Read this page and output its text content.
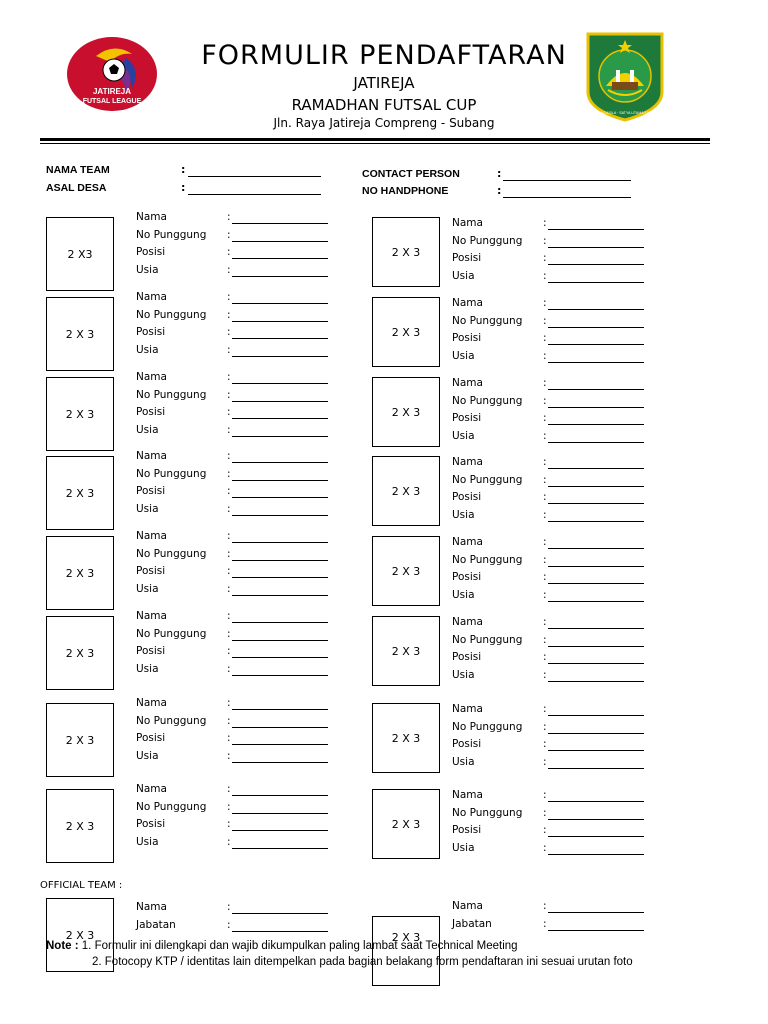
JATIREJA
FUTSAL LEAGUE
BENTENG PANCASILA · SATYA UTAMA SATYA MEGARA
FORMULIR PENDAFTARAN
JATIREJA
RAMADHAN FUTSAL CUP
Jln. Raya Jatireja Compreng - Subang
NAMA TEAM	:
ASAL DESA	:
CONTACT PERSON	:
NO HANDPHONE	:
2 X3
Nama	:
No Punggung :
Posisi	:
Usia	:
2 X 3
Nama	:
No Punggung :
Posisi	:
Usia	:
2 X 3
Nama	:
No Punggung :
Posisi	:
Usia	:
2 X 3
Nama	:
No Punggung :
Posisi	:
Usia	:
2 X 3
Nama	:
No Punggung :
Posisi	:
Usia	:
2 X 3
Nama	:
No Punggung :
Posisi	:
Usia	:
2 X 3
Nama	:
No Punggung :
Posisi	:
Usia	:
2 X 3
Nama	:
No Punggung :
Posisi	:
Usia	:
2 X 3
Nama	:
No Punggung :
Posisi	:
Usia	:
2 X 3
Nama	:
No Punggung :
Posisi	:
Usia	:
2 X 3
Nama	:
No Punggung :
Posisi	:
Usia	:
2 X 3
Nama	:
No Punggung :
Posisi	:
Usia	:
2 X 3
Nama	:
No Punggung :
Posisi	:
Usia	:
2 X 3
Nama	:
No Punggung :
Posisi	:
Usia	:
2 X 3
Nama	:
No Punggung :
Posisi	:
Usia	:
2 X 3
Nama	:
No Punggung :
Posisi	:
Usia	:
OFFICIAL TEAM :
2 X 3
Nama	:
Jabatan	:
2 X 3
Nama	:
Jabatan	:
Note : 1. Formulir ini dilengkapi dan wajib dikumpulkan paling lambat saat Technical Meeting
2. Fotocopy KTP / identitas lain ditempelkan pada bagian belakang form pendaftaran ini sesuai urutan foto
